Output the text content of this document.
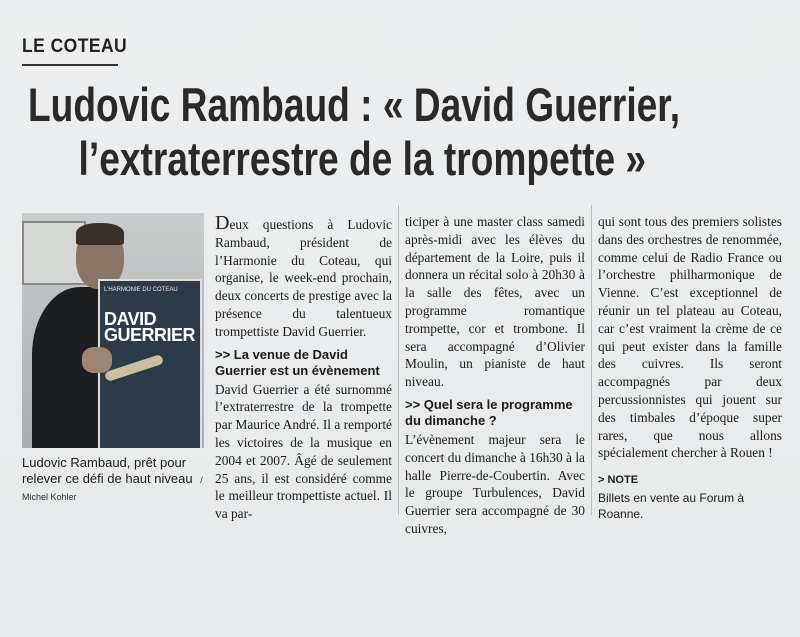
LE COTEAU
Ludovic Rambaud : « David Guerrier,
l’extraterrestre de la trompette »
L’HARMONIE DU COTEAU
DAVID GUERRIER
Ludovic Rambaud, prêt pour relever ce défi de haut niveau / Michel Kohler

Deux questions à Ludovic Rambaud, président de l’Harmonie du Coteau, qui organise, le week-end prochain, deux concerts de prestige avec la présence du talentueux trompettiste David Guerrier.

>> La venue de David Guerrier est un évènement

David Guerrier a été surnommé l’extraterrestre de la trompette par Maurice André. Il a remporté les victoires de la musique en 2004 et 2007. Âgé de seulement 25 ans, il est considéré comme le meilleur trompettiste actuel. Il va par-

ticiper à une master class samedi après-midi avec les élèves du département de la Loire, puis il donnera un récital solo à 20h30 à la salle des fêtes, avec un programme romantique trompette, cor et trombone. Il sera accompagné d’Olivier Moulin, un pianiste de haut niveau.

>> Quel sera le programme du dimanche ?

L’évènement majeur sera le concert du dimanche à 16h30 à la halle Pierre-de-Coubertin. Avec le groupe Turbulences, David Guerrier sera accompagné de 30 cuivres,

qui sont tous des premiers solistes dans des orchestres de renommée, comme celui de Radio France ou l’orchestre philharmonique de Vienne. C’est exceptionnel de réunir un tel plateau au Coteau, car c’est vraiment la crème de ce qui peut exister dans la famille des cuivres. Ils seront accompagnés par deux percussionnistes qui jouent sur des timbales d’époque super rares, que nous allons spécialement chercher à Rouen !

> NOTE
Billets en vente au Forum à Roanne.
